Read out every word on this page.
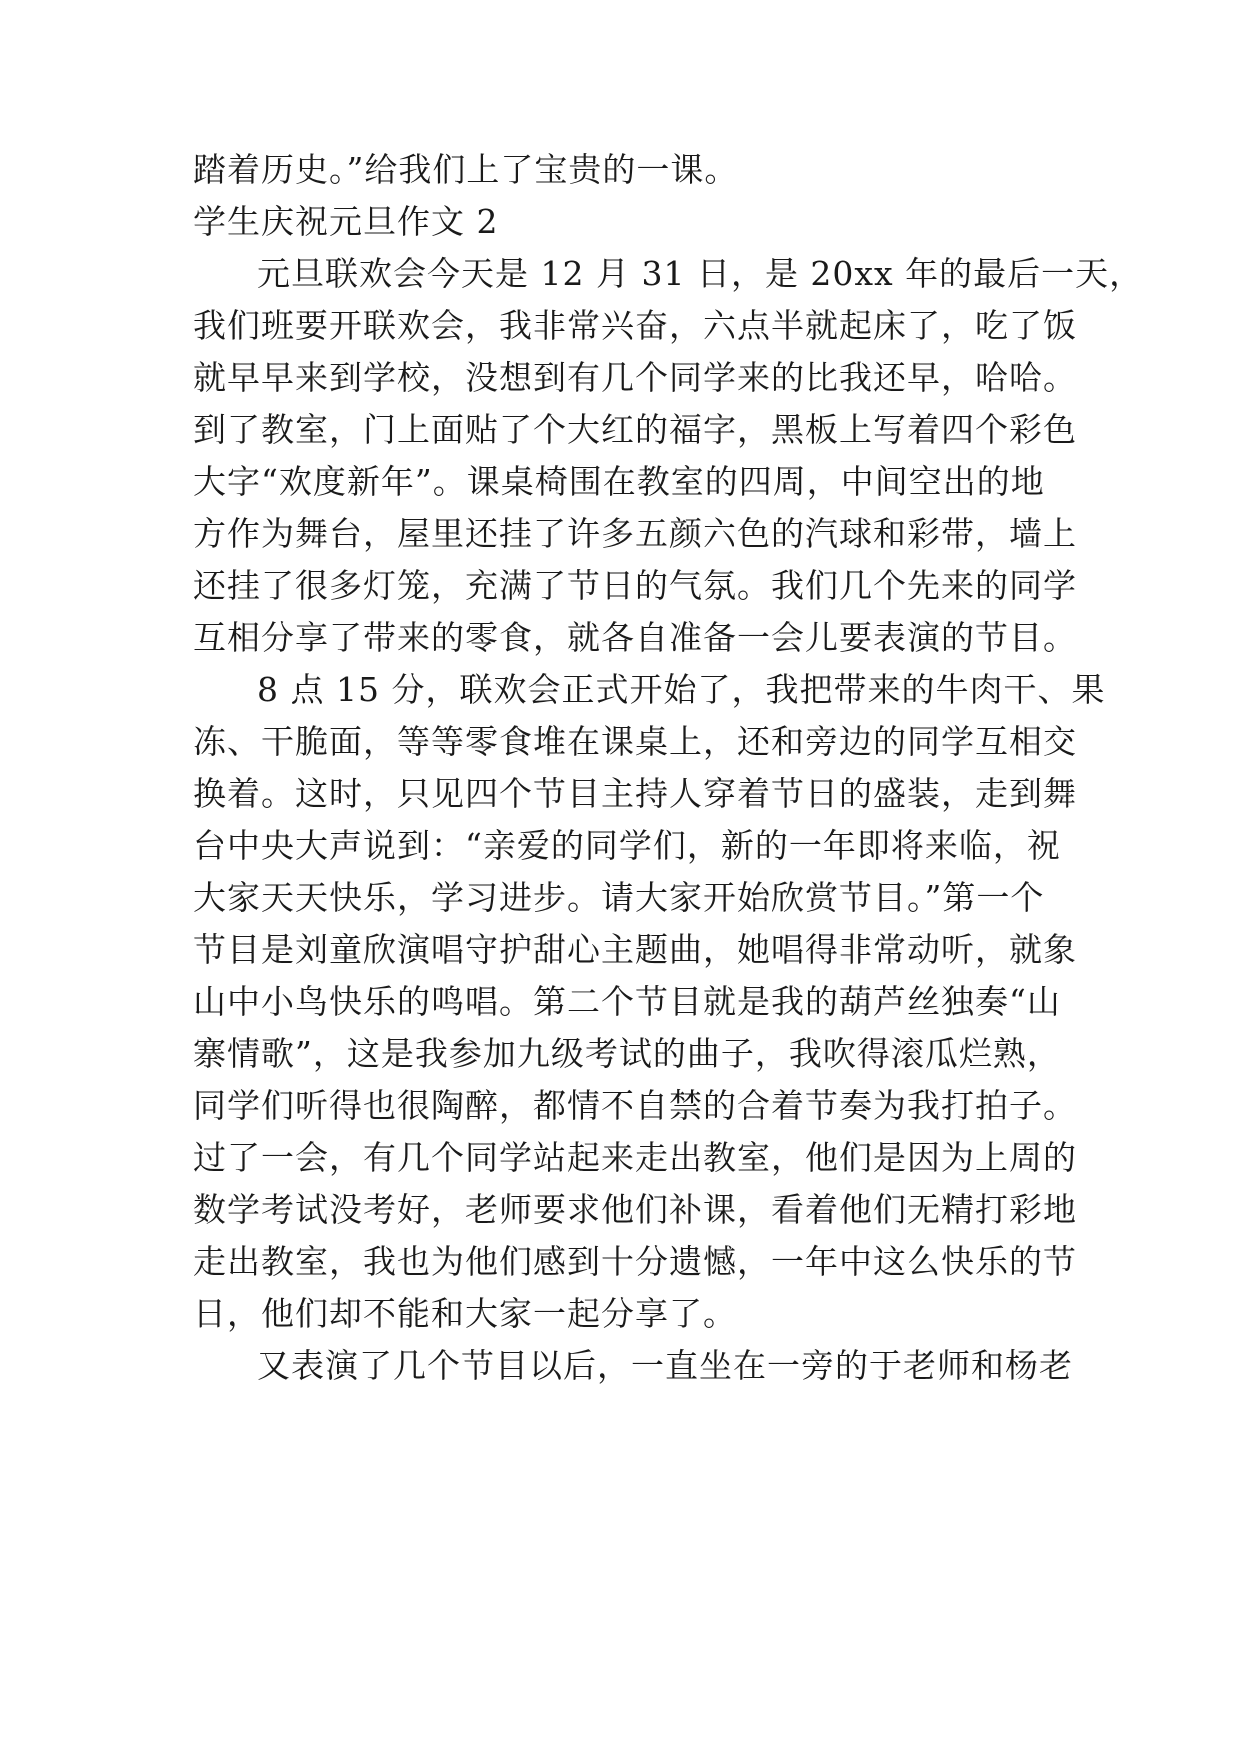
踏着历史。”给我们上了宝贵的一课。
学生庆祝元旦作文 2
元旦联欢会今天是 12 月 31 日，是 20xx 年的最后一天，
我们班要开联欢会，我非常兴奋，六点半就起床了，吃了饭
就早早来到学校，没想到有几个同学来的比我还早，哈哈。
到了教室，门上面贴了个大红的福字，黑板上写着四个彩色
大字“欢度新年”。课桌椅围在教室的四周，中间空出的地
方作为舞台，屋里还挂了许多五颜六色的汽球和彩带，墙上
还挂了很多灯笼，充满了节日的气氛。我们几个先来的同学
互相分享了带来的零食，就各自准备一会儿要表演的节目。
8 点 15 分，联欢会正式开始了，我把带来的牛肉干、果
冻、干脆面，等等零食堆在课桌上，还和旁边的同学互相交
换着。这时，只见四个节目主持人穿着节日的盛装，走到舞
台中央大声说到：“亲爱的同学们，新的一年即将来临，祝
大家天天快乐，学习进步。请大家开始欣赏节目。”第一个
节目是刘童欣演唱守护甜心主题曲，她唱得非常动听，就象
山中小鸟快乐的鸣唱。第二个节目就是我的葫芦丝独奏“山
寨情歌”，这是我参加九级考试的曲子，我吹得滚瓜烂熟，
同学们听得也很陶醉，都情不自禁的合着节奏为我打拍子。
过了一会，有几个同学站起来走出教室，他们是因为上周的
数学考试没考好，老师要求他们补课，看着他们无精打彩地
走出教室，我也为他们感到十分遗憾，一年中这么快乐的节
日，他们却不能和大家一起分享了。
又表演了几个节目以后，一直坐在一旁的于老师和杨老
